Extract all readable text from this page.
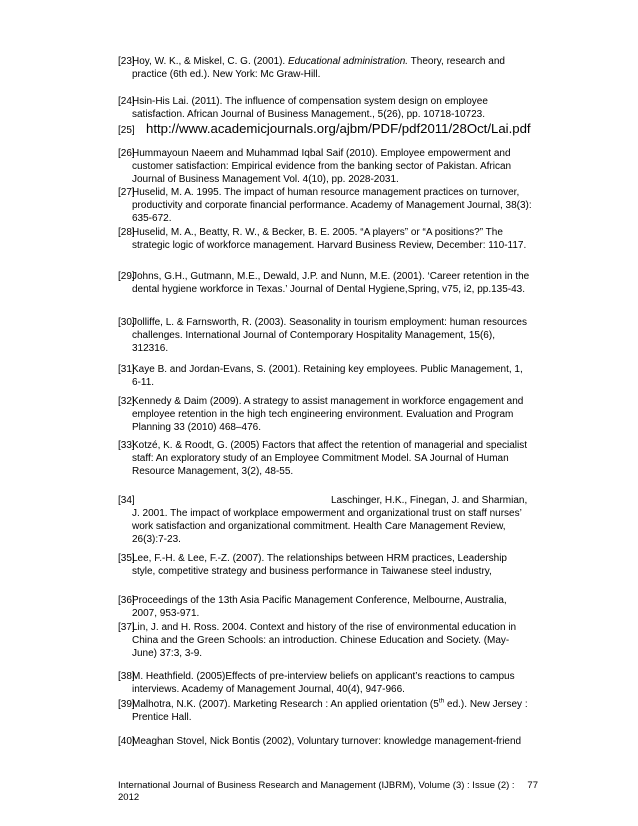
[23]
Hoy, W. K., & Miskel, C. G. (2001). Educational administration. Theory, research and practice (6th ed.). New York: Mc Graw-Hill.
[24]
Hsin-His Lai. (2011). The influence of compensation system design on employee satisfaction. African Journal of Business Management., 5(26), pp. 10718-10723.
[25] http://www.academicjournals.org/ajbm/PDF/pdf2011/28Oct/Lai.pdf
[26]
Hummayoun Naeem and Muhammad Iqbal Saif (2010). Employee empowerment and customer satisfaction: Empirical evidence from the banking sector of Pakistan. African Journal of Business Management Vol. 4(10), pp. 2028-2031.
[27]
Huselid, M. A. 1995. The impact of human resource management practices on turnover, productivity and corporate financial performance. Academy of Management Journal, 38(3): 635-672.
[28]
Huselid, M. A., Beatty, R. W., & Becker, B. E. 2005. “A players” or “A positions?” The strategic logic of workforce management. Harvard Business Review, December: 110-117.
[29]
Johns, G.H., Gutmann, M.E., Dewald, J.P. and Nunn, M.E. (2001). ‘Career retention in the dental hygiene workforce in Texas.’ Journal of Dental Hygiene,Spring, v75, i2, pp.135-43.
[30]
Jolliffe, L. & Farnsworth, R. (2003). Seasonality in tourism employment: human resources challenges. International Journal of Contemporary Hospitality Management, 15(6), 312316.
[31]
Kaye B. and Jordan-Evans, S. (2001). Retaining key employees. Public Management, 1, 6-11.
[32]
Kennedy & Daim (2009). A strategy to assist management in workforce engagement and employee retention in the high tech engineering environment. Evaluation and Program Planning 33 (2010) 468–476.
[33]
Kotzé, K. & Roodt, G. (2005) Factors that affect the retention of managerial and specialist staff: An exploratory study of an Employee Commitment Model. SA Journal of Human Resource Management, 3(2), 48-55.
[34]	Laschinger, H.K., Finegan, J. and Sharmian,
J. 2001. The impact of workplace empowerment and organizational trust on staff nurses’ work satisfaction and organizational commitment. Health Care Management Review, 26(3):7-23.
[35]
Lee, F.-H. & Lee, F.-Z. (2007). The relationships between HRM practices, Leadership style, competitive strategy and business performance in Taiwanese steel industry,
[36]
Proceedings of the 13th Asia Pacific Management Conference, Melbourne, Australia, 2007, 953-971.
[37]
Lin, J. and H. Ross. 2004. Context and history of the rise of environmental education in China and the Green Schools: an introduction. Chinese Education and Society. (May-June) 37:3, 3-9.
[38]
M. Heathfield. (2005)Effects of pre-interview beliefs on applicant’s reactions to campus interviews. Academy of Management Journal, 40(4), 947-966.
[39]
Malhotra, N.K. (2007). Marketing Research : An applied orientation (5th ed.). New Jersey : Prentice Hall.
[40]
Meaghan Stovel, Nick Bontis (2002), Voluntary turnover: knowledge management-friend
International Journal of Business Research and Management (IJBRM), Volume (3) : Issue (2) : 2012
77
